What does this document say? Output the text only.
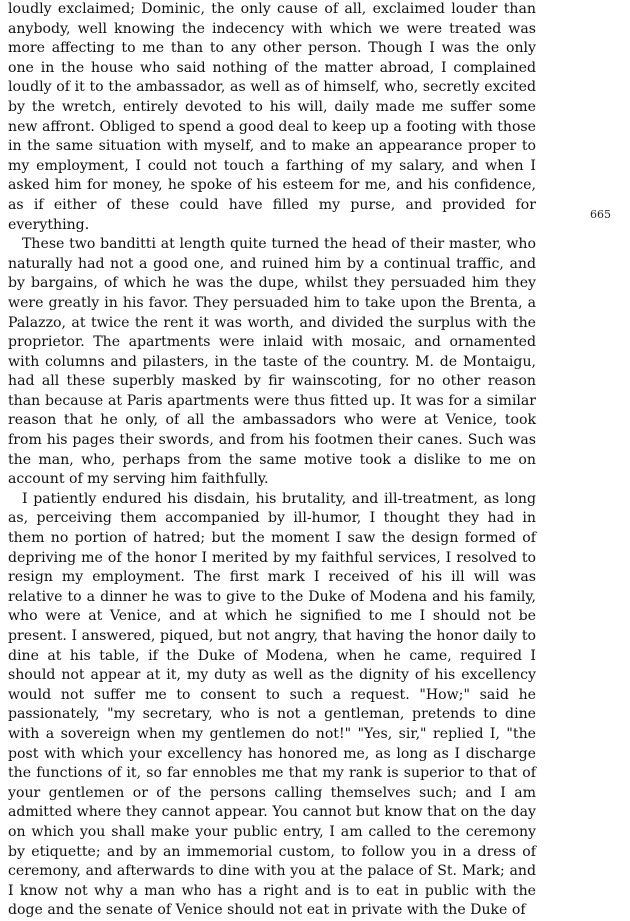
loudly exclaimed; Dominic, the only cause of all, exclaimed louder than anybody, well knowing the indecency with which we were treated was more affecting to me than to any other person. Though I was the only one in the house who said nothing of the matter abroad, I complained loudly of it to the ambassador, as well as of himself, who, secretly excited by the wretch, entirely devoted to his will, daily made me suffer some new affront. Obliged to spend a good deal to keep up a footing with those in the same situation with myself, and to make an appearance proper to my employment, I could not touch a farthing of my salary, and when I asked him for money, he spoke of his esteem for me, and his confidence, as if either of these could have filled my purse, and provided for everything.

These two banditti at length quite turned the head of their master, who naturally had not a good one, and ruined him by a continual traffic, and by bargains, of which he was the dupe, whilst they persuaded him they were greatly in his favor. They persuaded him to take upon the Brenta, a Palazzo, at twice the rent it was worth, and divided the surplus with the proprietor. The apartments were inlaid with mosaic, and ornamented with columns and pilasters, in the taste of the country. M. de Montaigu, had all these superbly masked by fir wainscoting, for no other reason than because at Paris apartments were thus fitted up. It was for a similar reason that he only, of all the ambassadors who were at Venice, took from his pages their swords, and from his footmen their canes. Such was the man, who, perhaps from the same motive took a dislike to me on account of my serving him faithfully.

I patiently endured his disdain, his brutality, and ill-treatment, as long as, perceiving them accompanied by ill-humor, I thought they had in them no portion of hatred; but the moment I saw the design formed of depriving me of the honor I merited by my faithful services, I resolved to resign my employment. The first mark I received of his ill will was relative to a dinner he was to give to the Duke of Modena and his family, who were at Venice, and at which he signified to me I should not be present. I answered, piqued, but not angry, that having the honor daily to dine at his table, if the Duke of Modena, when he came, required I should not appear at it, my duty as well as the dignity of his excellency would not suffer me to consent to such a request. "How;" said he passionately, "my secretary, who is not a gentleman, pretends to dine with a sovereign when my gentlemen do not!" "Yes, sir," replied I, "the post with which your excellency has honored me, as long as I discharge the functions of it, so far ennobles me that my rank is superior to that of your gentlemen or of the persons calling themselves such; and I am admitted where they cannot appear. You cannot but know that on the day on which you shall make your public entry, I am called to the ceremony by etiquette; and by an immemorial custom, to follow you in a dress of ceremony, and afterwards to dine with you at the palace of St. Mark; and I know not why a man who has a right and is to eat in public with the doge and the senate of Venice should not eat in private with the Duke of

665
